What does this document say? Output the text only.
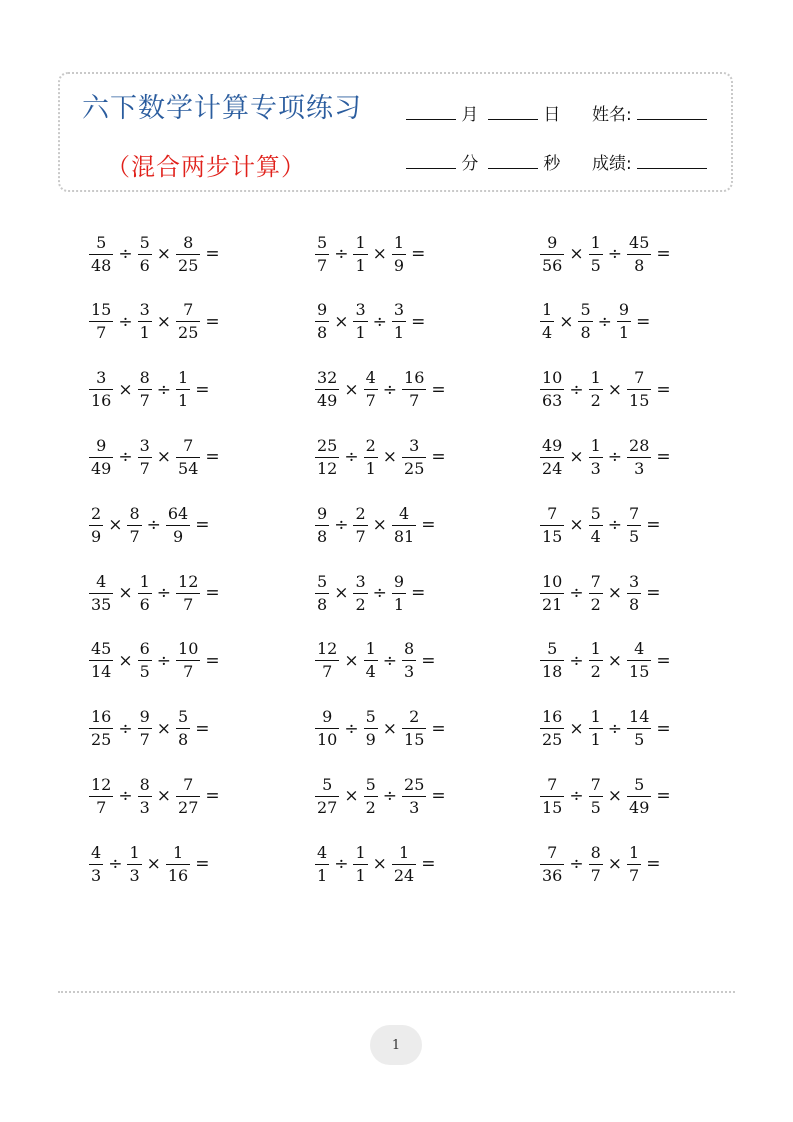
六下数学计算专项练习
（混合两步计算）
月	日 姓名:
分	秒 成绩:
$\frac{5}{48} \div \frac{5}{6} \times \frac{8}{25}$ =	$\frac{5}{7} \div \frac{1}{1} \times \frac{1}{9}$ =	$\frac{9}{56} \times \frac{1}{5} \div \frac{45}{8}$ =
$\frac{15}{7} \div \frac{3}{1} \times \frac{7}{25}$ =	$\frac{9}{8} \times \frac{3}{1} \div \frac{3}{1}$ =	$\frac{1}{4} \times \frac{5}{8} \div \frac{9}{1}$ =
$\frac{3}{16} \times \frac{8}{7} \div \frac{1}{1}$ =	$\frac{32}{49} \times \frac{4}{7} \div \frac{16}{7}$ =	$\frac{10}{63} \div \frac{1}{2} \times \frac{7}{15}$ =
$\frac{9}{49} \div \frac{3}{7} \times \frac{7}{54}$ =	$\frac{25}{12} \div \frac{2}{1} \times \frac{3}{25}$ =	$\frac{49}{24} \times \frac{1}{3} \div \frac{28}{3}$ =
$\frac{2}{9} \times \frac{8}{7} \div \frac{64}{9}$ =	$\frac{9}{8} \div \frac{2}{7} \times \frac{4}{81}$ =	$\frac{7}{15} \times \frac{5}{4} \div \frac{7}{5}$ =
$\frac{4}{35} \times \frac{1}{6} \div \frac{12}{7}$ =	$\frac{5}{8} \times \frac{3}{2} \div \frac{9}{1}$ =	$\frac{10}{21} \div \frac{7}{2} \times \frac{3}{8}$ =
$\frac{45}{14} \times \frac{6}{5} \div \frac{10}{7}$ =	$\frac{12}{7} \times \frac{1}{4} \div \frac{8}{3}$ =	$\frac{5}{18} \div \frac{1}{2} \times \frac{4}{15}$ =
$\frac{16}{25} \div \frac{9}{7} \times \frac{5}{8}$ =	$\frac{9}{10} \div \frac{5}{9} \times \frac{2}{15}$ =	$\frac{16}{25} \times \frac{1}{1} \div \frac{14}{5}$ =
$\frac{12}{7} \div \frac{8}{3} \times \frac{7}{27}$ =	$\frac{5}{27} \times \frac{5}{2} \div \frac{25}{3}$ =	$\frac{7}{15} \div \frac{7}{5} \times \frac{5}{49}$ =
$\frac{4}{3} \div \frac{1}{3} \times \frac{1}{16}$ =	$\frac{4}{1} \div \frac{1}{1} \times \frac{1}{24}$ =	$\frac{7}{36} \div \frac{8}{7} \times \frac{1}{7}$ =
1
